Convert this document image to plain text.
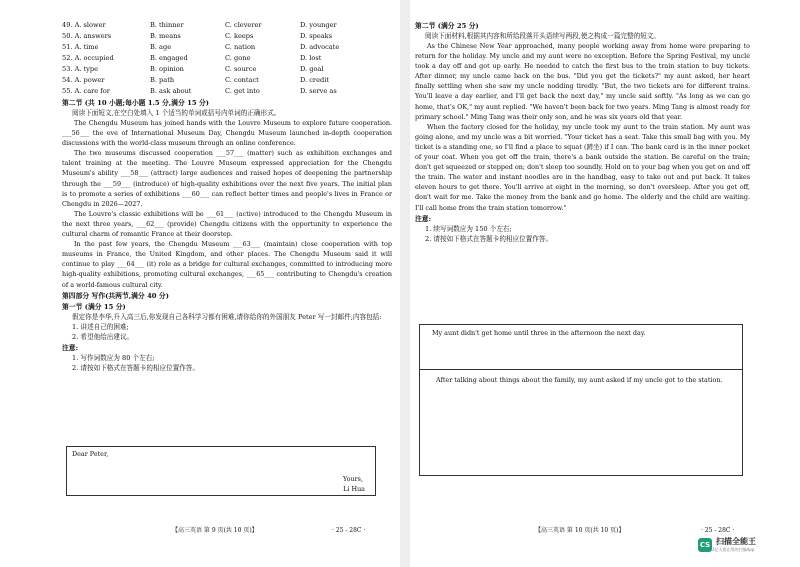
49. A. slower	B. thinner	C. cleverer	D. younger
50. A. answers	B. means	C. keeps	D. speaks
51. A. time	B. age	C. nation	D. advocate
52. A. occupied	B. engaged	C. gone	D. lost
53. A. type	B. opinion	C. source	D. goal
54. A. power	B. path	C. contact	D. credit
55. A. care for	B. ask about	C. get into	D. serve as
第二节 (共 10 小题;每小题 1.5 分,满分 15 分)
阅读下面短文,在空白处填入 1 个适当的单词或括号内单词的正确形式。

The Chengdu Museum has joined hands with the Louvre Museum to explore future cooperation. ___56___ the eve of International Museum Day, Chengdu Museum launched in-depth cooperation discussions with the world-class museum through an online conference.

The two museums discussed cooperation ___57___ (matter) such as exhibition exchanges and talent training at the meeting. The Louvre Museum expressed appreciation for the Chengdu Museum's ability ___58___ (attract) large audiences and raised hopes of deepening the partnership through the ___59___ (introduce) of high-quality exhibitions over the next five years. The initial plan is to promote a series of exhibitions ___60___ can reflect better times and people's lives in France or Chengdu in 2026—2027.

The Louvre's classic exhibitions will be ___61___ (active) introduced to the Chengdu Museum in the next three years, ___62___ (provide) Chengdu citizens with the opportunity to experience the cultural charm of romantic France at their doorstep.

In the past few years, the Chengdu Museum ___63___ (maintain) close cooperation with top museums in France, the United Kingdom, and other places. The Chengdu Museum said it will continue to play ___64___ (it) role as a bridge for cultural exchanges, committed to introducing more high-quality exhibitions, promoting cultural exchanges, ___65___ contributing to Chengdu's creation of a world-famous cultural city.

第四部分 写作(共两节,满分 40 分)
第一节 (满分 15 分)
假定你是李华,升入高三后,你发现自己各科学习都有困难,请你给你的外国朋友 Peter 写一封邮件,内容包括:
1. 讲述自己的困难;
2. 希望他给出建议。
注意:
1. 写作词数应为 80 个左右;
2. 请按如下格式在答题卡的相应位置作答。
Dear Peter,
Yours,
Li Hua
【高三英语 第 9 页(共 10 页)】	· 25 - 28C ·
第二节 (满分 25 分)
阅读下面材料,根据其内容和所给段落开头语续写两段,使之构成一篇完整的短文。

As the Chinese New Year approached, many people working away from home were preparing to return for the holiday. My uncle and my aunt were no exception. Before the Spring Festival, my uncle took a day off and got up early. He needed to catch the first bus to the train station to buy tickets. After dinner, my uncle came back on the bus. "Did you get the tickets?" my aunt asked, her heart finally settling when she saw my uncle nodding tiredly. "But, the two tickets are for different trains. You'll leave a day earlier, and I'll get back the next day," my uncle said softly. "As long as we can go home, that's OK," my aunt replied. "We haven't been back for two years. Ming Tang is almost ready for primary school." Ming Tang was their only son, and he was six years old that year.

When the factory closed for the holiday, my uncle took my aunt to the train station. My aunt was going alone, and my uncle was a bit worried. "Your ticket has a seat. Take this small bag with you. My ticket is a standing one, so I'll find a place to squat (蹲坐) if I can. The bank card is in the inner pocket of your coat. When you get off the train, there's a bank outside the station. Be careful on the train; don't get squeezed or stepped on; don't sleep too soundly. Hold on to your bag when you get on and off the train. The water and instant noodles are in the handbag, easy to take out and put back. It takes eleven hours to get there. You'll arrive at eight in the morning, so don't oversleep. After you get off, don't wait for me. Take the money from the bank and go home. The elderly and the child are waiting. I'll call home from the train station tomorrow."

注意:
1. 续写词数应为 150 个左右;
2. 请按如下格式在答题卡的相应位置作答。
My aunt didn't get home until three in the afternoon the next day.
After talking about things about the family, my aunt asked if my uncle got to the station.
【高三英语 第 10 页(共 10 页)】	· 25 - 28C ·
CS 扫描全能王
3亿人都在用的扫描App
